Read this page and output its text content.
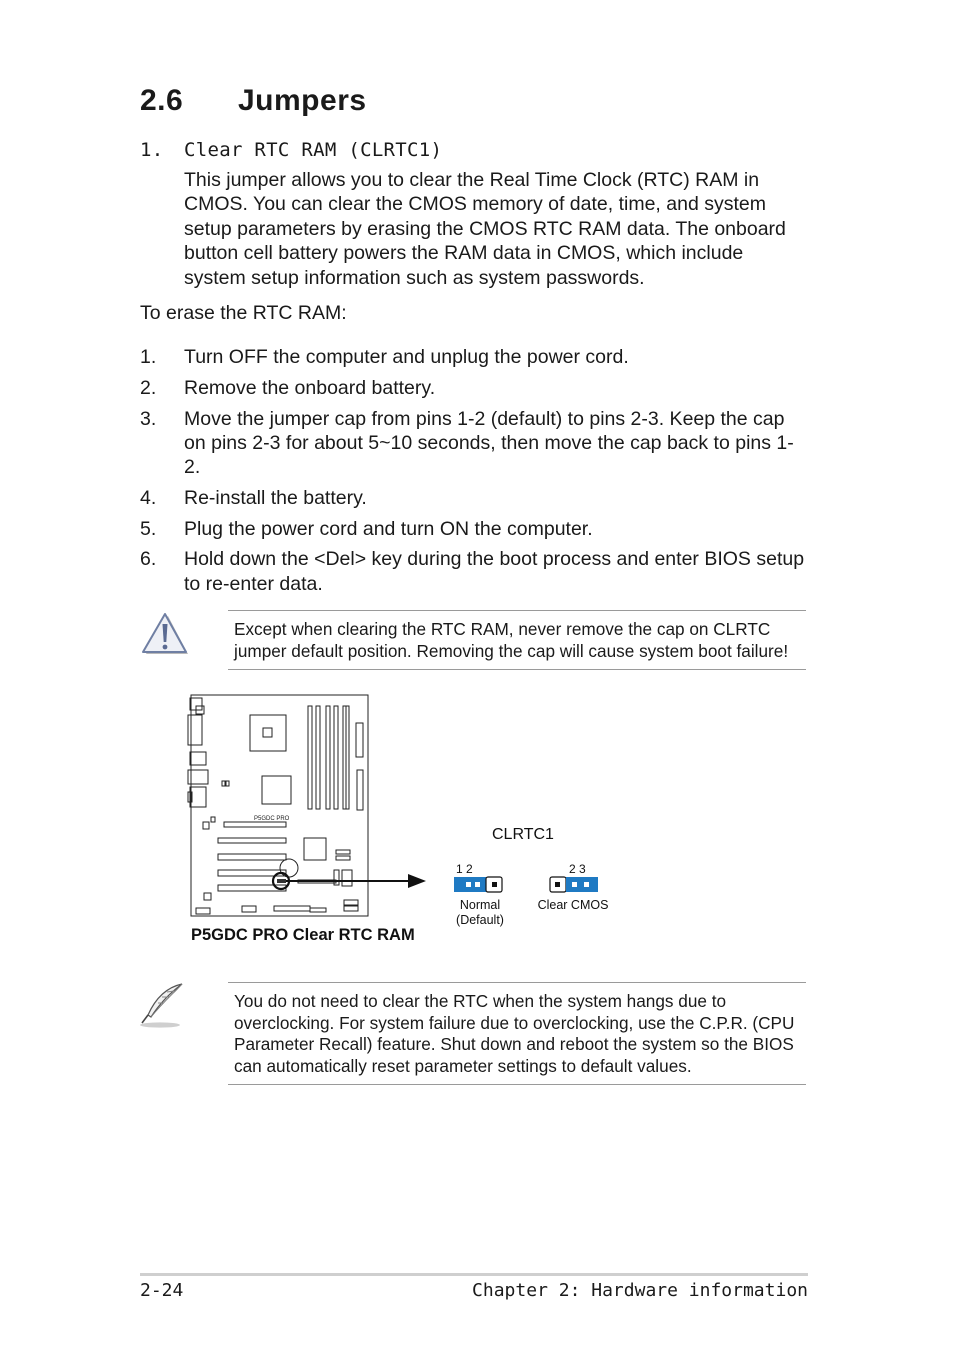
2.6 Jumpers
1. Clear RTC RAM (CLRTC1)
This jumper allows you to clear the Real Time Clock (RTC) RAM in CMOS. You can clear the CMOS memory of date, time, and system setup parameters by erasing the CMOS RTC RAM data. The onboard button cell battery powers the RAM data in CMOS, which include system setup information such as system passwords.
To erase the RTC RAM:
1.	Turn OFF the computer and unplug the power cord.
2.	Remove the onboard battery.
3.	Move the jumper cap from pins 1-2 (default) to pins 2-3. Keep the cap on pins 2-3 for about 5~10 seconds, then move the cap back to pins 1-2.
4.	Re-install the battery.
5.	Plug the power cord and turn ON the computer.
6.	Hold down the <Del> key during the boot process and enter BIOS setup to re-enter data.
Except when clearing the RTC RAM, never remove the cap on CLRTC jumper default position. Removing the cap will cause system boot failure!
P5GDC PRO
CLRTC1
1 2
Normal
(Default)
2 3
Clear CMOS
P5GDC PRO Clear RTC RAM
You do not need to clear the RTC when the system hangs due to overclocking. For system failure due to overclocking, use the C.P.R. (CPU Parameter Recall) feature. Shut down and reboot the system so the BIOS can automatically reset parameter settings to default values.
2-24	Chapter 2: Hardware information
